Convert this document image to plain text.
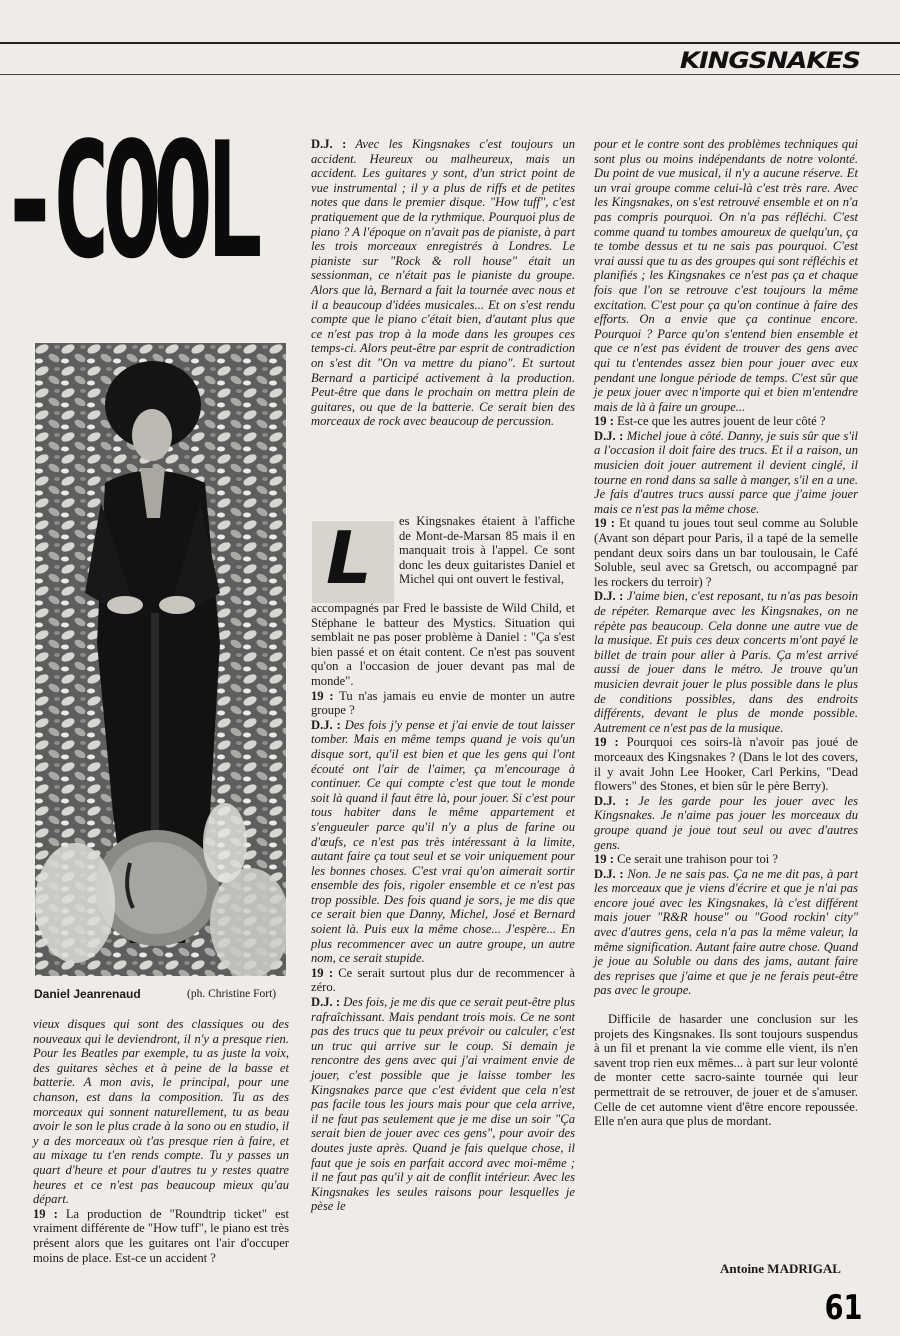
KINGSNAKES
-COOL
Daniel Jeanrenaud	(ph. Christine Fort)

vieux disques qui sont des classiques ou des nouveaux qui le deviendront, il n'y a presque rien. Pour les Beatles par exemple, tu as juste la voix, des guitares sèches et à peine de la basse et batterie. A mon avis, le principal, pour une chanson, est dans la composition. Tu as des morceaux qui sonnent naturellement, tu as beau avoir le son le plus crade à la sono ou en studio, il y a des morceaux où t'as presque rien à faire, et au mixage tu t'en rends compte. Tu y passes un quart d'heure et pour d'autres tu y restes quatre heures et ce n'est pas beaucoup mieux qu'au départ.

19 : La production de "Roundtrip ticket" est vraiment différente de "How tuff", le piano est très présent alors que les guitares ont l'air d'occuper moins de place. Est-ce un accident ?

D.J. : Avec les Kingsnakes c'est toujours un accident. Heureux ou malheureux, mais un accident. Les guitares y sont, d'un strict point de vue instrumental ; il y a plus de riffs et de petites notes que dans le premier disque. "How tuff", c'est pratiquement que de la rythmique. Pourquoi plus de piano ? A l'époque on n'avait pas de pianiste, à part les trois morceaux enregistrés à Londres. Le pianiste sur "Rock & roll house" était un sessionman, ce n'était pas le pianiste du groupe. Alors que là, Bernard a fait la tournée avec nous et il a beaucoup d'idées musicales... Et on s'est rendu compte que le piano c'était bien, d'autant plus que ce n'est pas trop à la mode dans les groupes ces temps-ci. Alors peut-être par esprit de contradiction on s'est dit "On va mettre du piano". Et surtout Bernard a participé activement à la production. Peut-être que dans le prochain on mettra plein de guitares, ou que de la batterie. Ce serait bien des morceaux de rock avec beaucoup de percussion.

L es Kingsnakes étaient à l'affiche de Mont-de-Marsan 85 mais il en manquait trois à l'appel. Ce sont donc les deux guitaristes Daniel et Michel qui ont ouvert le festival,

accompagnés par Fred le bassiste de Wild Child, et Stéphane le batteur des Mystics. Situation qui semblait ne pas poser problème à Daniel : "Ça s'est bien passé et on était content. Ce n'est pas souvent qu'on a l'occasion de jouer devant pas mal de monde".

19 : Tu n'as jamais eu envie de monter un autre groupe ?

D.J. : Des fois j'y pense et j'ai envie de tout laisser tomber. Mais en même temps quand je vois qu'un disque sort, qu'il est bien et que les gens qui l'ont écouté ont l'air de l'aimer, ça m'encourage à continuer. Ce qui compte c'est que tout le monde soit là quand il faut être là, pour jouer. Si c'est pour tous habiter dans le même appartement et s'engueuler parce qu'il n'y a plus de farine ou d'œufs, ce n'est pas très intéressant à la limite, autant faire ça tout seul et se voir uniquement pour les bonnes choses. C'est vrai qu'on aimerait sortir ensemble des fois, rigoler ensemble et ce n'est pas trop possible. Des fois quand je sors, je me dis que ce serait bien que Danny, Michel, José et Bernard soient là. Puis eux la même chose... J'espère... En plus recommencer avec un autre groupe, un autre nom, ce serait stupide.

19 : Ce serait surtout plus dur de recommencer à zéro.

D.J. : Des fois, je me dis que ce serait peut-être plus rafraîchissant. Mais pendant trois mois. Ce ne sont pas des trucs que tu peux prévoir ou calculer, c'est un truc qui arrive sur le coup. Si demain je rencontre des gens avec qui j'ai vraiment envie de jouer, c'est possible que je laisse tomber les Kingsnakes parce que c'est évident que cela n'est pas facile tous les jours mais pour que cela arrive, il ne faut pas seulement que je me dise un soir "Ça serait bien de jouer avec ces gens", pour avoir des doutes juste après. Quand je fais quelque chose, il faut que je sois en parfait accord avec moi-même ; il ne faut pas qu'il y ait de conflit intérieur. Avec les Kingsnakes les seules raisons pour lesquelles je pèse le

pour et le contre sont des problèmes techniques qui sont plus ou moins indépendants de notre volonté. Du point de vue musical, il n'y a aucune réserve. Et un vrai groupe comme celui-là c'est très rare. Avec les Kingsnakes, on s'est retrouvé ensemble et on n'a pas compris pourquoi. On n'a pas réfléchi. C'est comme quand tu tombes amoureux de quelqu'un, ça te tombe dessus et tu ne sais pas pourquoi. C'est vrai aussi que tu as des groupes qui sont réfléchis et planifiés ; les Kingsnakes ce n'est pas ça et chaque fois que l'on se retrouve c'est toujours la même excitation. C'est pour ça qu'on continue à faire des efforts. On a envie que ça continue encore. Pourquoi ? Parce qu'on s'entend bien ensemble et que ce n'est pas évident de trouver des gens avec qui tu t'entendes assez bien pour jouer avec eux pendant une longue période de temps. C'est sûr que je peux jouer avec n'importe qui et bien m'entendre mais de là à faire un groupe...

19 : Est-ce que les autres jouent de leur côté ?

D.J. : Michel joue à côté. Danny, je suis sûr que s'il a l'occasion il doit faire des trucs. Et il a raison, un musicien doit jouer autrement il devient cinglé, il tourne en rond dans sa salle à manger, s'il en a une. Je fais d'autres trucs aussi parce que j'aime jouer mais ce n'est pas la même chose.

19 : Et quand tu joues tout seul comme au Soluble (Avant son départ pour Paris, il a tapé de la semelle pendant deux soirs dans un bar toulousain, le Café Soluble, seul avec sa Gretsch, ou accompagné par les rockers du terroir) ?

D.J. : J'aime bien, c'est reposant, tu n'as pas besoin de répéter. Remarque avec les Kingsnakes, on ne répète pas beaucoup. Cela donne une autre vue de la musique. Et puis ces deux concerts m'ont payé le billet de train pour aller à Paris. Ça m'est arrivé aussi de jouer dans le métro. Je trouve qu'un musicien devrait jouer le plus possible dans le plus de conditions possibles, dans des endroits différents, devant le plus de monde possible. Autrement ce n'est pas de la musique.

19 : Pourquoi ces soirs-là n'avoir pas joué de morceaux des Kingsnakes ? (Dans le lot des covers, il y avait John Lee Hooker, Carl Perkins, "Dead flowers" des Stones, et bien sûr le père Berry).

D.J. : Je les garde pour les jouer avec les Kingsnakes. Je n'aime pas jouer les morceaux du groupe quand je joue tout seul ou avec d'autres gens.

19 : Ce serait une trahison pour toi ?

D.J. : Non. Je ne sais pas. Ça ne me dit pas, à part les morceaux que je viens d'écrire et que je n'ai pas encore joué avec les Kingsnakes, là c'est différent mais jouer "R&R house" ou "Good rockin' city" avec d'autres gens, cela n'a pas la même valeur, la même signification. Autant faire autre chose. Quand je joue au Soluble ou dans des jams, autant faire des reprises que j'aime et que je ne ferais peut-être pas avec le groupe.

Difficile de hasarder une conclusion sur les projets des Kingsnakes. Ils sont toujours suspendus à un fil et prenant la vie comme elle vient, ils n'en savent trop rien eux mêmes... à part sur leur volonté de monter cette sacro-sainte tournée qui leur permettrait de se retrouver, de jouer et de s'amuser. Celle de cet automne vient d'être encore repoussée. Elle n'en aura que plus de mordant.

Antoine MADRIGAL
61
